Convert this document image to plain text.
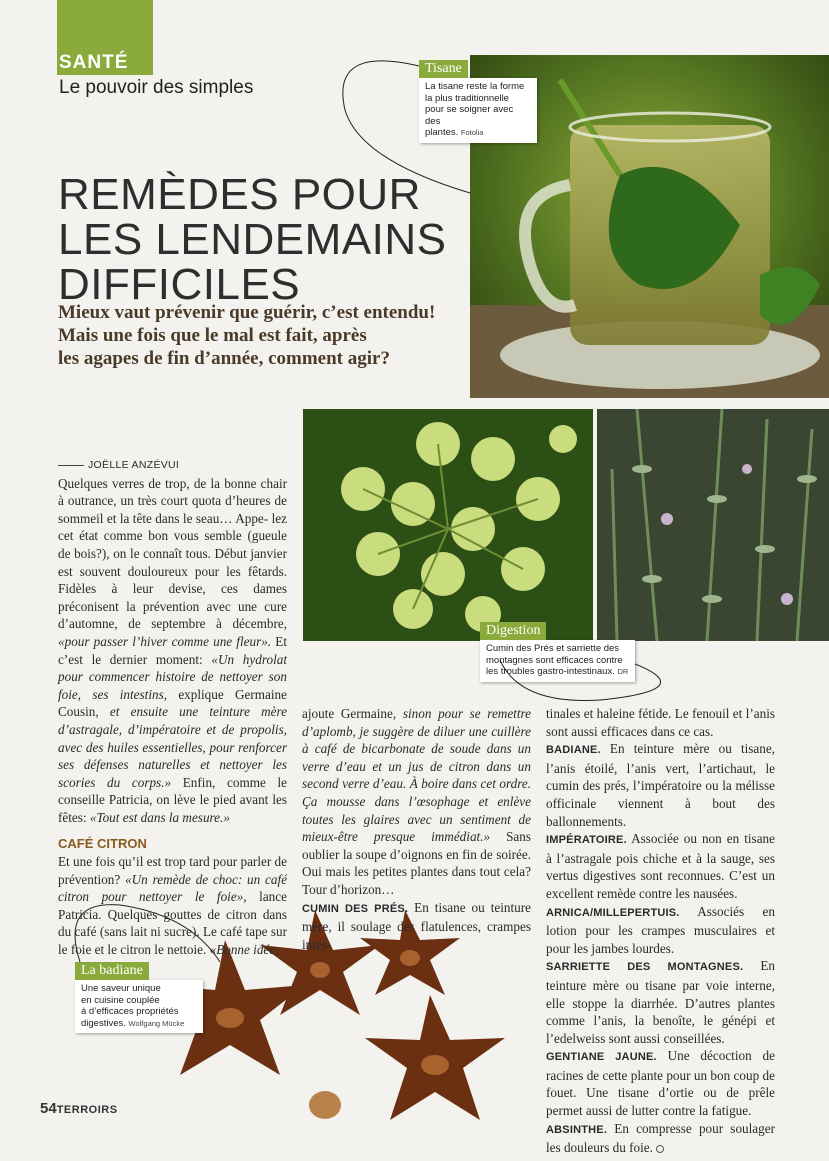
SANTÉ
Le pouvoir des simples
Tisane
La tisane reste la forme
la plus traditionnelle
pour se soigner avec des
plantes. Fotolia
REMÈDES POUR
LES LENDEMAINS
DIFFICILES
Mieux vaut prévenir que guérir, c’est entendu!
Mais une fois que le mal est fait, après
les agapes de fin d’année, comment agir?
Digestion
Cumin des Prés et sarriette des
montagnes sont efficaces contre
les troubles gastro-intestinaux. DR
La badiane
Une saveur unique
en cuisine couplée
à d’efficaces propriétés
digestives. Wolfgang Mücke
JOËLLE ANZÉVUI

Quelques verres de trop, de la bonne chair à outrance, un très court quota d’heures de sommeil et la tête dans le seau… Appe- lez cet état comme bon vous semble (gueule de bois?), on le connaît tous. Début janvier est souvent douloureux pour les fêtards. Fidèles à leur devise, ces dames préconisent la prévention avec une cure d’automne, de septembre à décembre, «pour passer l’hiver comme une fleur». Et c’est le dernier moment: «Un hydrolat pour commencer histoire de nettoyer son foie, ses intestins, explique Germaine Cousin, et ensuite une teinture mère d’astragale, d’impératoire et de propolis, avec des huiles essentielles, pour renforcer ses défenses naturelles et nettoyer les scories du corps.» Enfin, comme le conseille Patricia, on lève le pied avant les fêtes: «Tout est dans la mesure.»

CAFÉ CITRON

Et une fois qu’il est trop tard pour parler de prévention? «Un remède de choc: un café citron pour nettoyer le foie», lance Patricia. Quelques gouttes de citron dans du café (sans lait ni sucre). Le café tape sur le foie et le citron le nettoie. «Bonne idée,

ajoute Germaine, sinon pour se remettre d’aplomb, je suggère de diluer une cuillère à café de bicarbonate de soude dans un verre d’eau et un jus de citron dans un second verre d’eau. À boire dans cet ordre. Ça mousse dans l’œsophage et enlève toutes les glaires avec un sentiment de mieux-être presque immédiat.» Sans oublier la soupe d’oignons en fin de soirée. Oui mais les petites plantes dans tout cela? Tour d’horizon…

CUMIN DES PRÉS. En tisane ou teinture mère, il soulage des flatulences, crampes intes-

tinales et haleine fétide. Le fenouil et l’anis sont aussi efficaces dans ce cas.

BADIANE. En teinture mère ou tisane, l’anis étoilé, l’anis vert, l’artichaut, le cumin des prés, l’impératoire ou la mélisse officinale viennent à bout des ballonnements.

IMPÉRATOIRE. Associée ou non en tisane à l’astragale pois chiche et à la sauge, ses vertus digestives sont reconnues. C’est un excellent remède contre les nausées.

ARNICA/MILLEPERTUIS. Associés en lotion pour les crampes musculaires et pour les jambes lourdes.

SARRIETTE DES MONTAGNES. En teinture mère ou tisane par voie interne, elle stoppe la diarrhée. D’autres plantes comme l’anis, la benoîte, le génépi et l’edelweiss sont aussi conseillées.

GENTIANE JAUNE. Une décoction de racines de cette plante pour un bon coup de fouet. Une tisane d’ortie ou de prêle permet aussi de lutter contre la fatigue.

ABSINTHE. En compresse pour soulager les douleurs du foie.

54TERROIRS
